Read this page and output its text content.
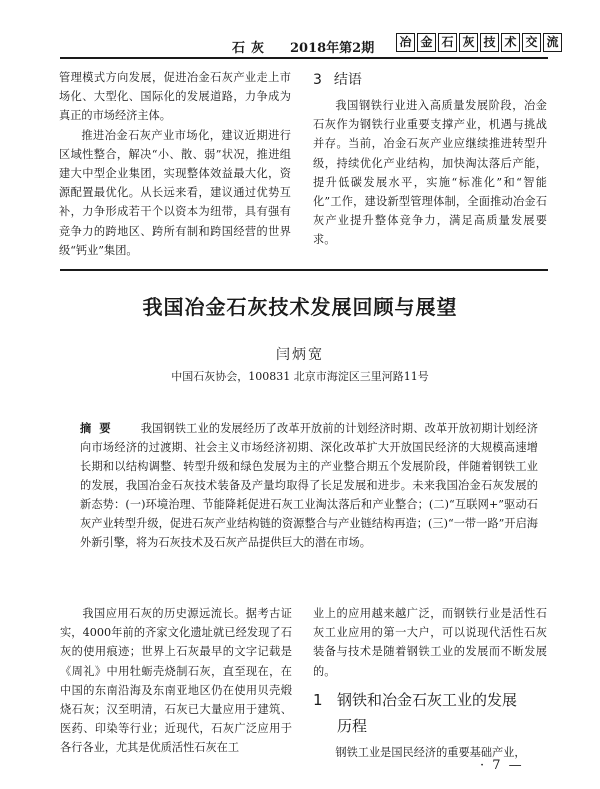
石灰 2018年第2期 冶 金 石 灰 技 术 交 流

管理模式方向发展，促进冶金石灰产业走上市场化、大型化、国际化的发展道路，力争成为真正的市场经济主体。

推进冶金石灰产业市场化，建议近期进行区域性整合，解决“小、散、弱”状况，推进组建大中型企业集团，实现整体效益最大化，资源配置最优化。从长远来看，建议通过优势互补，力争形成若干个以资本为纽带，具有强有竞争力的跨地区、跨所有制和跨国经营的世界级“钙业”集团。

3 结语

我国钢铁行业进入高质量发展阶段，冶金石灰作为钢铁行业重要支撑产业，机遇与挑战并存。当前，冶金石灰产业应继续推进转型升级，持续优化产业结构，加快淘汰落后产能，提升低碳发展水平，实施“标准化”和“智能化”工作，建设新型管理体制，全面推动冶金石灰产业提升整体竞争力，满足高质量发展要求。

我国冶金石灰技术发展回顾与展望
闫炳宽
中国石灰协会，100831 北京市海淀区三里河路11号
摘要 我国钢铁工业的发展经历了改革开放前的计划经济时期、改革开放初期计划经济向市场经济的过渡期、社会主义市场经济初期、深化改革扩大开放国民经济的大规模高速增长期和以结构调整、转型升级和绿色发展为主的产业整合期五个发展阶段，伴随着钢铁工业的发展，我国冶金石灰技术装备及产量均取得了长足发展和进步。未来我国冶金石灰发展的新态势：(一)环境治理、节能降耗促进石灰工业淘汰落后和产业整合；(二)“互联网+”驱动石灰产业转型升级，促进石灰产业结构链的资源整合与产业链结构再造；(三)“一带一路”开启海外新引擎，将为石灰技术及石灰产品提供巨大的潜在市场。

我国应用石灰的历史源远流长。据考古证实，4000年前的齐家文化遗址就已经发现了石灰的使用痕迹；世界上石灰最早的文字记载是《周礼》中用牡蛎壳烧制石灰，直至现在，在中国的东南沿海及东南亚地区仍在使用贝壳煅烧石灰；汉至明清，石灰已大量应用于建筑、医药、印染等行业；近现代，石灰广泛应用于各行各业，尤其是优质活性石灰在工

业上的应用越来越广泛，而钢铁行业是活性石灰工业应用的第一大户，可以说现代活性石灰装备与技术是随着钢铁工业的发展而不断发展的。

1 钢铁和冶金石灰工业的发展
历程

钢铁工业是国民经济的重要基础产业，

· 7 —
